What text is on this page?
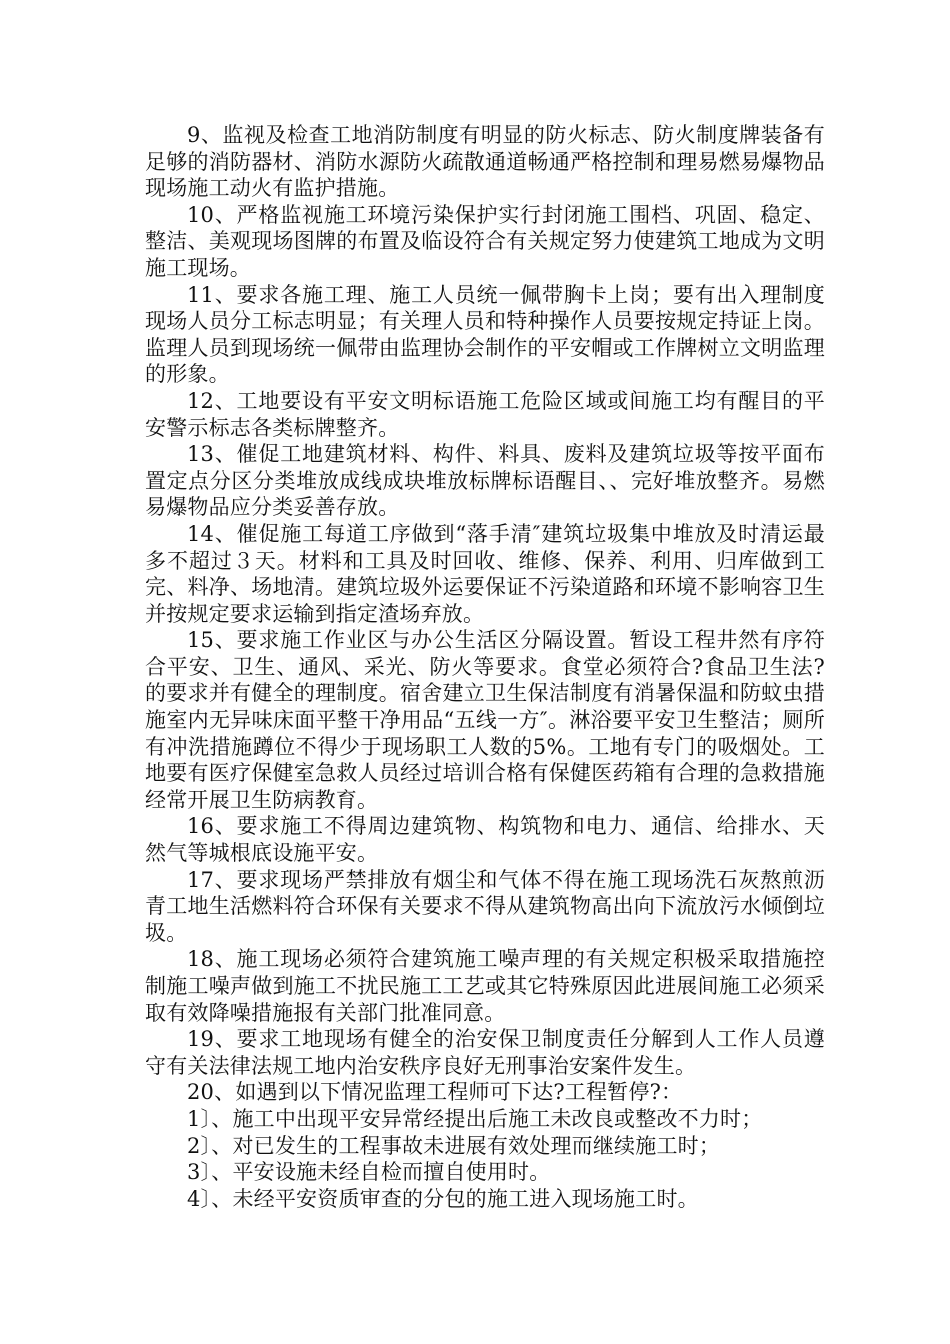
9、监视及检查工地消防制度有明显的防火标志、防火制度牌装备有足够的消防器材、消防水源防火疏散通道畅通严格控制和理易燃易爆物品现场施工动火有监护措施。

10、严格监视施工环境污染保护实行封闭施工围档、巩固、稳定、整洁、美观现场图牌的布置及临设符合有关规定努力使建筑工地成为文明施工现场。

11、要求各施工理、施工人员统一佩带胸卡上岗；要有出入理制度现场人员分工标志明显；有关理人员和特种操作人员要按规定持证上岗。监理人员到现场统一佩带由监理协会制作的平安帽或工作牌树立文明监理的形象。

12、工地要设有平安文明标语施工危险区域或间施工均有醒目的平安警示标志各类标牌整齐。

13、催促工地建筑材料、构件、料具、废料及建筑垃圾等按平面布置定点分区分类堆放成线成块堆放标牌标语醒目、、完好堆放整齐。易燃易爆物品应分类妥善存放。

14、催促施工每道工序做到“落手清″建筑垃圾集中堆放及时清运最多不超过３天。材料和工具及时回收、维修、保养、利用、归库做到工完、料净、场地清。建筑垃圾外运要保证不污染道路和环境不影响容卫生并按规定要求运输到指定渣场弃放。

15、要求施工作业区与办公生活区分隔设置。暂设工程井然有序符合平安、卫生、通风、采光、防火等要求。食堂必须符合?食品卫生法?的要求并有健全的理制度。宿舍建立卫生保洁制度有消暑保温和防蚊虫措施室内无异味床面平整干净用品“五线一方″。淋浴要平安卫生整洁；厕所有冲洗措施蹲位不得少于现场职工人数的5%。工地有专门的吸烟处。工地要有医疗保健室急救人员经过培训合格有保健医药箱有合理的急救措施经常开展卫生防病教育。

16、要求施工不得周边建筑物、构筑物和电力、通信、给排水、天然气等城根底设施平安。

17、要求现场严禁排放有烟尘和气体不得在施工现场洗石灰熬煎沥青工地生活燃料符合环保有关要求不得从建筑物高出向下流放污水倾倒垃圾。

18、施工现场必须符合建筑施工噪声理的有关规定积极采取措施控制施工噪声做到施工不扰民施工工艺或其它特殊原因此进展间施工必须采取有效降噪措施报有关部门批准同意。

19、要求工地现场有健全的治安保卫制度责任分解到人工作人员遵守有关法律法规工地内治安秩序良好无刑事治安案件发生。

20、如遇到以下情况监理工程师可下达?工程暂停?：

1〕、施工中出现平安异常经提出后施工未改良或整改不力时；

2〕、对已发生的工程事故未进展有效处理而继续施工时；

3〕、平安设施未经自检而擅自使用时。

4〕、未经平安资质审查的分包的施工进入现场施工时。
